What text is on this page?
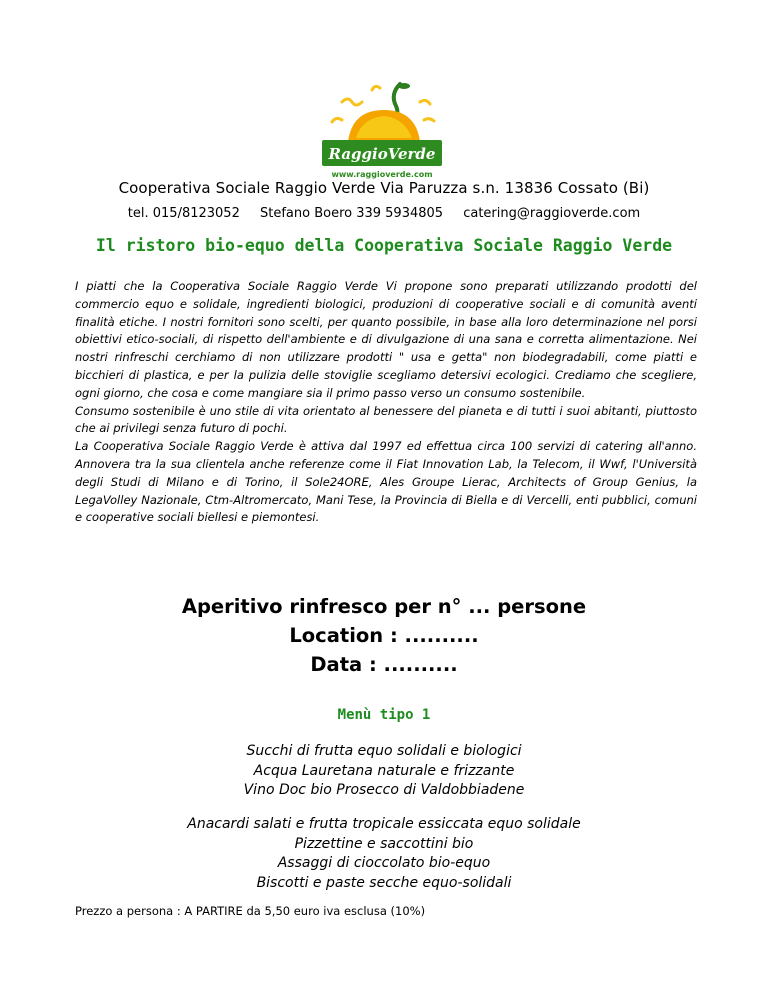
RaggioVerde
www.raggioverde.com
Cooperativa Sociale Raggio Verde Via Paruzza s.n. 13836 Cossato (Bi)
tel. 015/8123052 Stefano Boero 339 5934805 catering@raggioverde.com
Il ristoro bio-equo della Cooperativa Sociale Raggio Verde

I piatti che la Cooperativa Sociale Raggio Verde Vi propone sono preparati utilizzando prodotti del commercio equo e solidale, ingredienti biologici, produzioni di cooperative sociali e di comunità aventi finalità etiche. I nostri fornitori sono scelti, per quanto possibile, in base alla loro determinazione nel porsi obiettivi etico-sociali, di rispetto dell'ambiente e di divulgazione di una sana e corretta alimentazione. Nei nostri rinfreschi cerchiamo di non utilizzare prodotti " usa e getta" non biodegradabili, come piatti e bicchieri di plastica, e per la pulizia delle stoviglie scegliamo detersivi ecologici. Crediamo che scegliere, ogni giorno, che cosa e come mangiare sia il primo passo verso un consumo sostenibile.

Consumo sostenibile è uno stile di vita orientato al benessere del pianeta e di tutti i suoi abitanti, piuttosto che ai privilegi senza futuro di pochi.

La Cooperativa Sociale Raggio Verde è attiva dal 1997 ed effettua circa 100 servizi di catering all'anno. Annovera tra la sua clientela anche referenze come il Fiat Innovation Lab, la Telecom, il Wwf, l'Università degli Studi di Milano e di Torino, il Sole24ORE, Ales Groupe Lierac, Architects of Group Genius, la LegaVolley Nazionale, Ctm-Altromercato, Mani Tese, la Provincia di Biella e di Vercelli, enti pubblici, comuni e cooperative sociali biellesi e piemontesi.

Aperitivo rinfresco per n° ... persone
Location : ..........
Data : ..........
Menù tipo 1
Succhi di frutta equo solidali e biologici
Acqua Lauretana naturale e frizzante
Vino Doc bio Prosecco di Valdobbiadene
Anacardi salati e frutta tropicale essiccata equo solidale
Pizzettine e saccottini bio
Assaggi di cioccolato bio-equo
Biscotti e paste secche equo-solidali
Prezzo a persona : A PARTIRE da 5,50 euro iva esclusa (10%)
